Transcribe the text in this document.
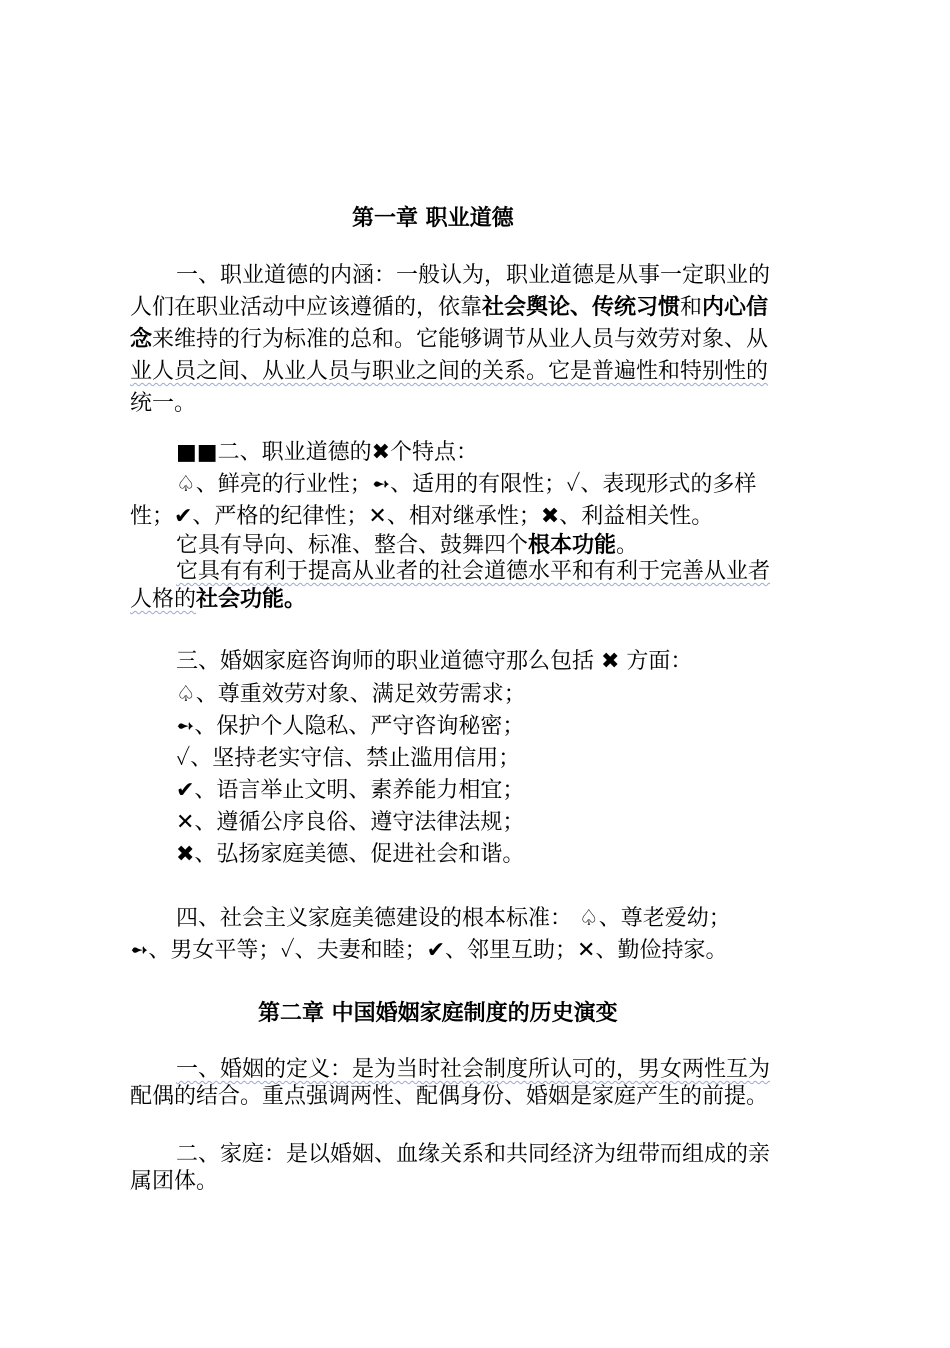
第一章 职业道德
一、职业道德的内涵：一般认为，职业道德是从事一定职业的
人们在职业活动中应该遵循的，依靠社会舆论、传统习惯和内心信
念来维持的行为标准的总和。它能够调节从业人员与效劳对象、从
业人员之间、从业人员与职业之间的关系。它是普遍性和特别性的
统一。
■■二、职业道德的✖个特点：
♤、鲜亮的行业性；➻、适用的有限性；✓、表现形式的多样
性；✔、严格的纪律性；✕、相对继承性；✖、利益相关性。
它具有导向、标准、整合、鼓舞四个根本功能。
它具有有利于提高从业者的社会道德水平和有利于完善从业者
人格的社会功能。
三、婚姻家庭咨询师的职业道德守那么包括 ✖ 方面：
♤、尊重效劳对象、满足效劳需求；
➻、保护个人隐私、严守咨询秘密；
✓、坚持老实守信、禁止滥用信用；
✔、语言举止文明、素养能力相宜；
✕、遵循公序良俗、遵守法律法规；
✖、弘扬家庭美德、促进社会和谐。
四、社会主义家庭美德建设的根本标准： ♤、尊老爱幼；
➻、男女平等；✓、夫妻和睦；✔、邻里互助；✕、勤俭持家。
第二章 中国婚姻家庭制度的历史演变
一、婚姻的定义：是为当时社会制度所认可的，男女两性互为
配偶的结合。重点强调两性、配偶身份、婚姻是家庭产生的前提。
二、家庭：是以婚姻、血缘关系和共同经济为纽带而组成的亲
属团体。
